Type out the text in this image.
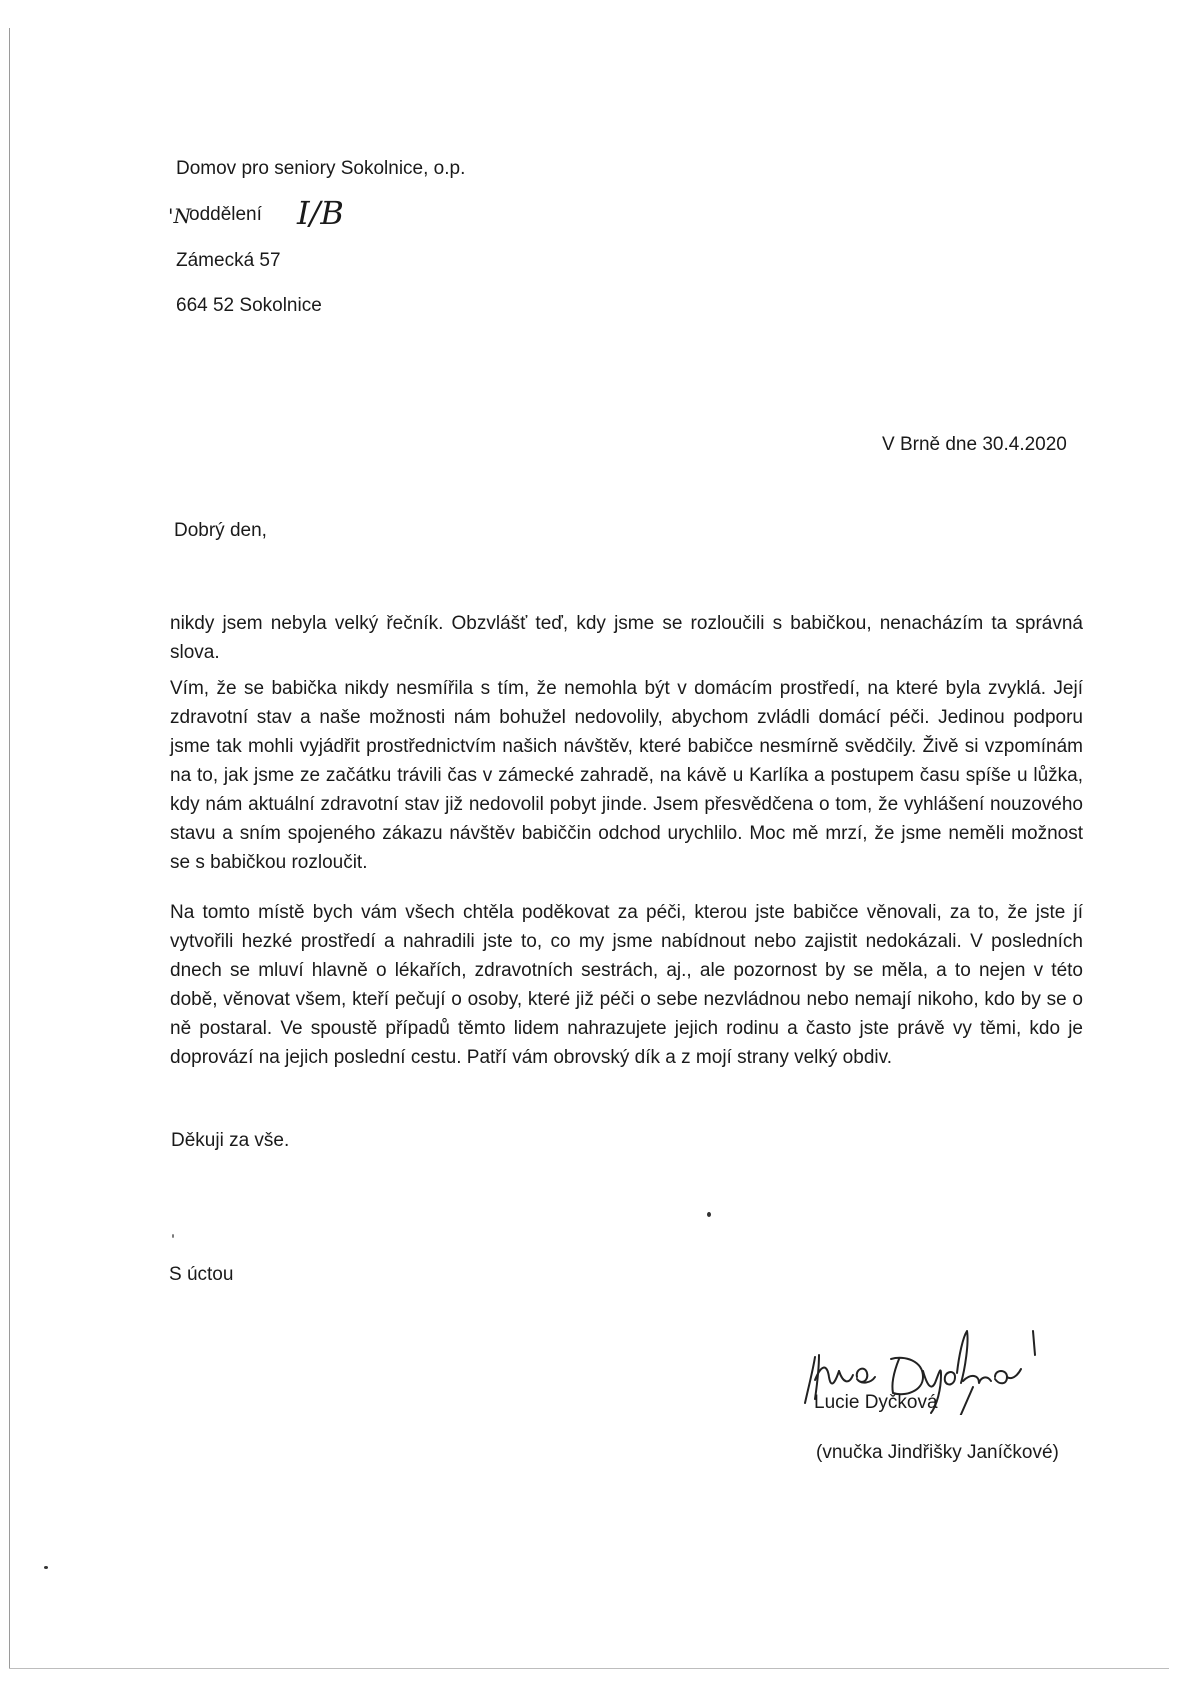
Domov pro seniory Sokolnice, o.p.
'N
oddělení I/B
Zámecká 57
664 52 Sokolnice
V Brně dne 30.4.2020
Dobrý den,

nikdy jsem nebyla velký řečník. Obzvlášť teď, kdy jsme se rozloučili s babičkou, nenacházím ta správná slova.

Vím, že se babička nikdy nesmířila s tím, že nemohla být v domácím prostředí, na které byla zvyklá. Její zdravotní stav a naše možnosti nám bohužel nedovolily, abychom zvládli domácí péči. Jedinou podporu jsme tak mohli vyjádřit prostřednictvím našich návštěv, které babičce nesmírně svědčily. Živě si vzpomínám na to, jak jsme ze začátku trávili čas v zámecké zahradě, na kávě u Karlíka a postupem času spíše u lůžka, kdy nám aktuální zdravotní stav již nedovolil pobyt jinde. Jsem přesvědčena o tom, že vyhlášení nouzového stavu a sním spojeného zákazu návštěv babiččin odchod urychlilo. Moc mě mrzí, že jsme neměli možnost se s babičkou rozloučit.

Na tomto místě bych vám všech chtěla poděkovat za péči, kterou jste babičce věnovali, za to, že jste jí vytvořili hezké prostředí a nahradili jste to, co my jsme nabídnout nebo zajistit nedokázali. V posledních dnech se mluví hlavně o lékařích, zdravotních sestrách, aj., ale pozornost by se měla, a to nejen v této době, věnovat všem, kteří pečují o osoby, které již péči o sebe nezvládnou nebo nemají nikoho, kdo by se o ně postaral. Ve spoustě případů těmto lidem nahrazujete jejich rodinu a často jste právě vy těmi, kdo je doprovází na jejich poslední cestu. Patří vám obrovský dík a z mojí strany velký obdiv.

Děkuji za vše.
S úctou
Lucie Dyčková
(vnučka Jindřišky Janíčkové)
